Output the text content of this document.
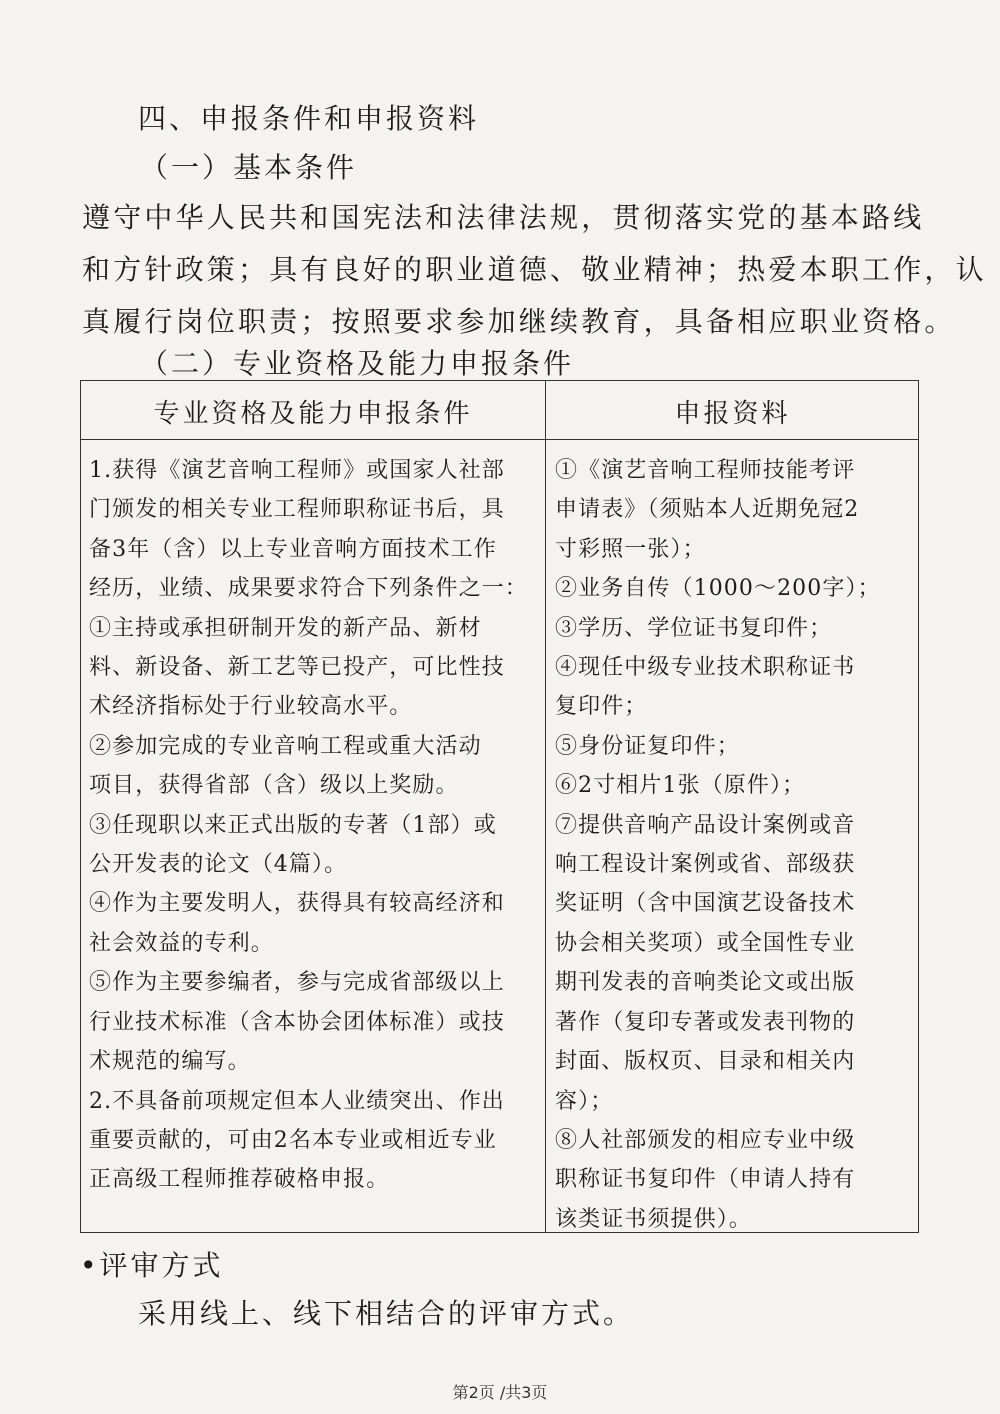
四、申报条件和申报资料
（一）基本条件
遵守中华人民共和国宪法和法律法规，贯彻落实党的基本路线
和方针政策；具有良好的职业道德、敬业精神；热爱本职工作，认
真履行岗位职责；按照要求参加继续教育，具备相应职业资格。
（二）专业资格及能力申报条件
专业资格及能力申报条件	申报资料
1.获得《演艺音响工程师》或国家人社部
门颁发的相关专业工程师职称证书后，具
备3年（含）以上专业音响方面技术工作
经历，业绩、成果要求符合下列条件之一：
①主持或承担研制开发的新产品、新材
料、新设备、新工艺等已投产，可比性技
术经济指标处于行业较高水平。
②参加完成的专业音响工程或重大活动
项目，获得省部（含）级以上奖励。
③任现职以来正式出版的专著（1部）或
公开发表的论文（4篇）。
④作为主要发明人，获得具有较高经济和
社会效益的专利。
⑤作为主要参编者，参与完成省部级以上
行业技术标准（含本协会团体标准）或技
术规范的编写。
2.不具备前项规定但本人业绩突出、作出
重要贡献的，可由2名本专业或相近专业
正高级工程师推荐破格申报。
①《演艺音响工程师技能考评
申请表》（须贴本人近期免冠2
寸彩照一张）；
②业务自传（1000～200字）；
③学历、学位证书复印件；
④现任中级专业技术职称证书
复印件；
⑤身份证复印件；
⑥2寸相片1张（原件）；
⑦提供音响产品设计案例或音
响工程设计案例或省、部级获
奖证明（含中国演艺设备技术
协会相关奖项）或全国性专业
期刊发表的音响类论文或出版
著作（复印专著或发表刊物的
封面、版权页、目录和相关内
容）；
⑧人社部颁发的相应专业中级
职称证书复印件（申请人持有
该类证书须提供）。
•评审方式
采用线上、线下相结合的评审方式。
第2页 /共3页
